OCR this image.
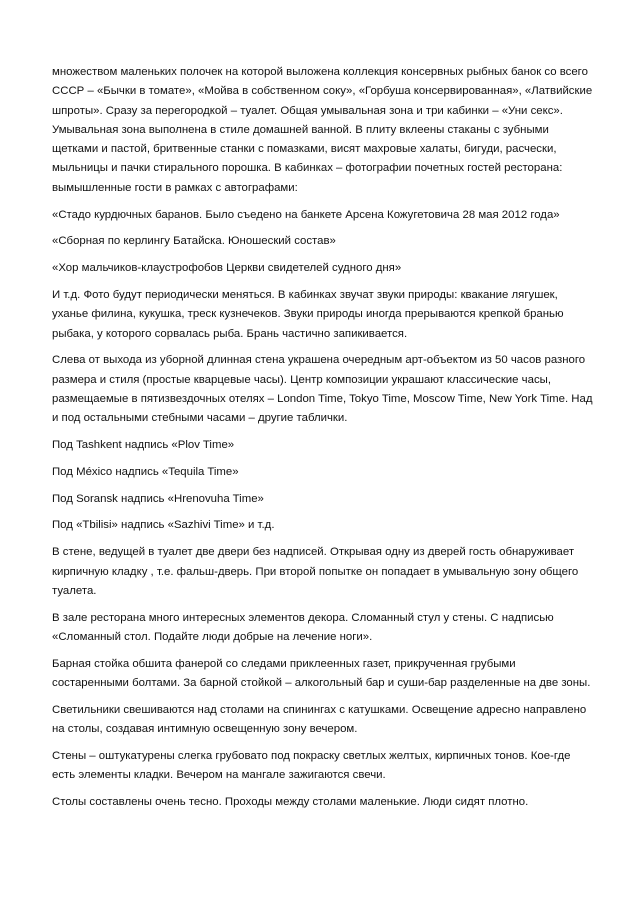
множеством маленьких полочек на которой выложена коллекция консервных рыбных банок со всего СССР – «Бычки в томате», «Мойва в собственном соку», «Горбуша консервированная», «Латвийские шпроты». Сразу за перегородкой – туалет. Общая умывальная зона и три кабинки – «Уни секс». Умывальная зона выполнена в стиле домашней ванной. В плиту вклеены стаканы с зубными щетками и пастой, бритвенные станки с помазками, висят махровые халаты, бигуди, расчески, мыльницы и пачки стирального порошка. В кабинках – фотографии почетных гостей ресторана: вымышленные гости в рамках с автографами:

«Стадо курдючных баранов. Было съедено на банкете Арсена Кожугетовича 28 мая 2012 года»

«Сборная по керлингу Батайска. Юношеский состав»

«Хор мальчиков-клаустрофобов Церкви свидетелей судного дня»

И т.д. Фото будут периодически меняться. В кабинках звучат звуки природы: квакание лягушек, уханье филина, кукушка, треск кузнечеков. Звуки природы иногда прерываются крепкой бранью рыбака, у которого сорвалась рыба. Брань частично запикивается.

Слева от выхода из уборной длинная стена украшена очередным арт-объектом из 50 часов разного размера и стиля (простые кварцевые часы). Центр композиции украшают классические часы, размещаемые в пятизвездочных отелях – London Time, Tokyo Time, Moscow Time, New York Time. Над и под остальными стебными часами – другие таблички.

Под Tashkent надпись «Plov Time»

Под México надпись «Tequila Time»

Под Soransk надпись «Hrenovuha Time»

Под «Tbilisi» надпись «Sazhivi Time» и т.д.

В стене, ведущей в туалет две двери без надписей. Открывая одну из дверей гость обнаруживает кирпичную кладку , т.е. фальш-дверь. При второй попытке он попадает в умывальную зону общего туалета.

В зале ресторана много интересных элементов декора. Сломанный стул у стены. С надписью «Сломанный стол. Подайте люди добрые на лечение ноги».

Барная стойка обшита фанерой со следами приклеенных газет, прикрученная грубыми состаренными болтами. За барной стойкой – алкогольный бар и суши-бар разделенные на две зоны.

Светильники свешиваются над столами на спинингах с катушками. Освещение адресно направлено на столы, создавая интимную освещенную зону вечером.

Стены – оштукатурены слегка грубовато под покраску светлых желтых, кирпичных тонов. Кое-где есть элементы кладки. Вечером на мангале зажигаются свечи.

Столы составлены очень тесно. Проходы между столами маленькие. Люди сидят плотно.
